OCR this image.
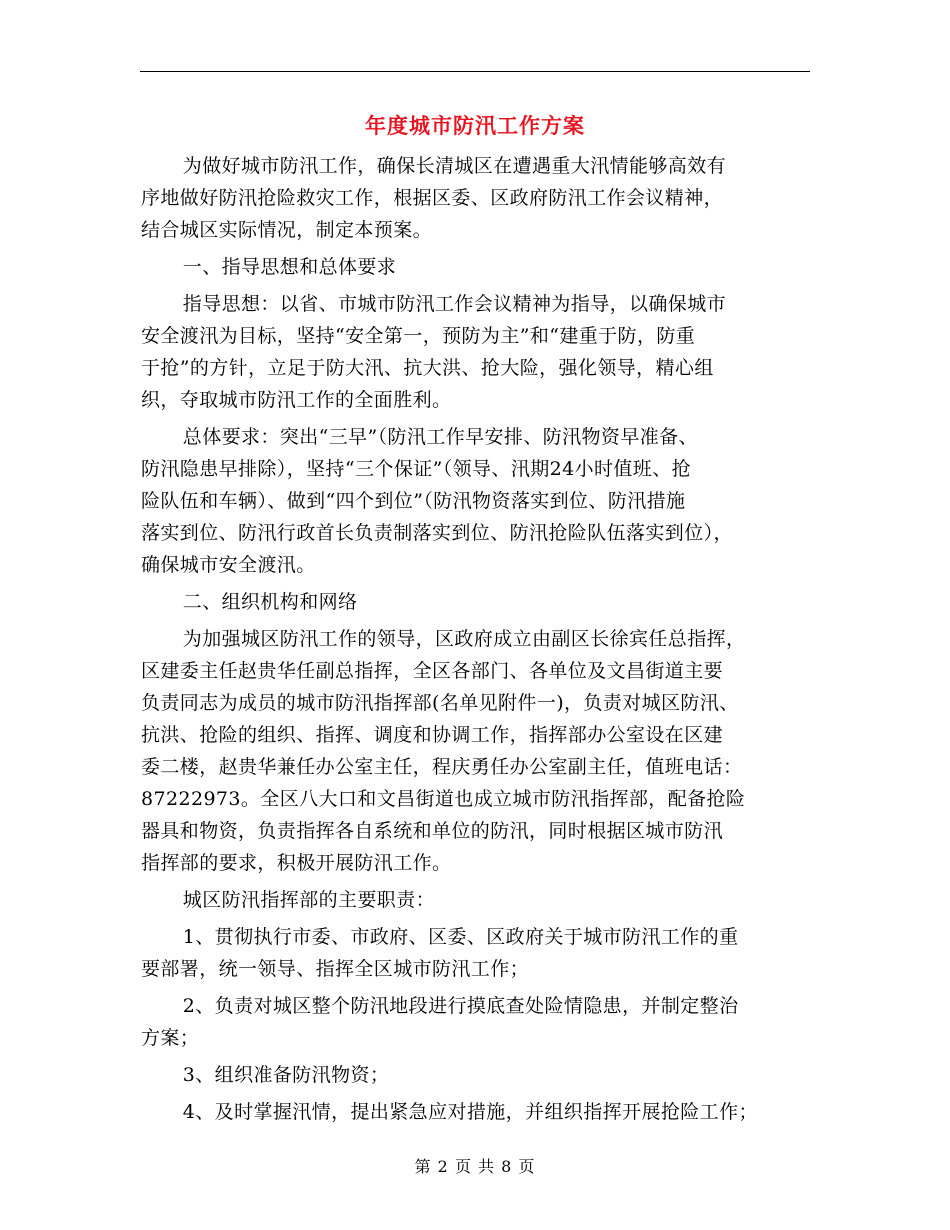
年度城市防汛工作方案
为做好城市防汛工作，确保长清城区在遭遇重大汛情能够高效有
序地做好防汛抢险救灾工作，根据区委、区政府防汛工作会议精神，
结合城区实际情况，制定本预案。
一、指导思想和总体要求
指导思想：以省、市城市防汛工作会议精神为指导，以确保城市
安全渡汛为目标，坚持“安全第一，预防为主”和“建重于防，防重
于抢”的方针，立足于防大汛、抗大洪、抢大险，强化领导，精心组
织，夺取城市防汛工作的全面胜利。
总体要求：突出“三早”（防汛工作早安排、防汛物资早准备、
防汛隐患早排除），坚持“三个保证”（领导、汛期24小时值班、抢
险队伍和车辆）、做到“四个到位”（防汛物资落实到位、防汛措施
落实到位、防汛行政首长负责制落实到位、防汛抢险队伍落实到位），
确保城市安全渡汛。
二、组织机构和网络
为加强城区防汛工作的领导，区政府成立由副区长徐宾任总指挥，
区建委主任赵贵华任副总指挥，全区各部门、各单位及文昌街道主要
负责同志为成员的城市防汛指挥部(名单见附件一)，负责对城区防汛、
抗洪、抢险的组织、指挥、调度和协调工作，指挥部办公室设在区建
委二楼，赵贵华兼任办公室主任，程庆勇任办公室副主任，值班电话：
87222973。全区八大口和文昌街道也成立城市防汛指挥部，配备抢险
器具和物资，负责指挥各自系统和单位的防汛，同时根据区城市防汛
指挥部的要求，积极开展防汛工作。
城区防汛指挥部的主要职责：
1、贯彻执行市委、市政府、区委、区政府关于城市防汛工作的重
要部署，统一领导、指挥全区城市防汛工作；
2、负责对城区整个防汛地段进行摸底查处险情隐患，并制定整治
方案；
3、组织准备防汛物资；
4、及时掌握汛情，提出紧急应对措施，并组织指挥开展抢险工作；
第 2 页 共 8 页
